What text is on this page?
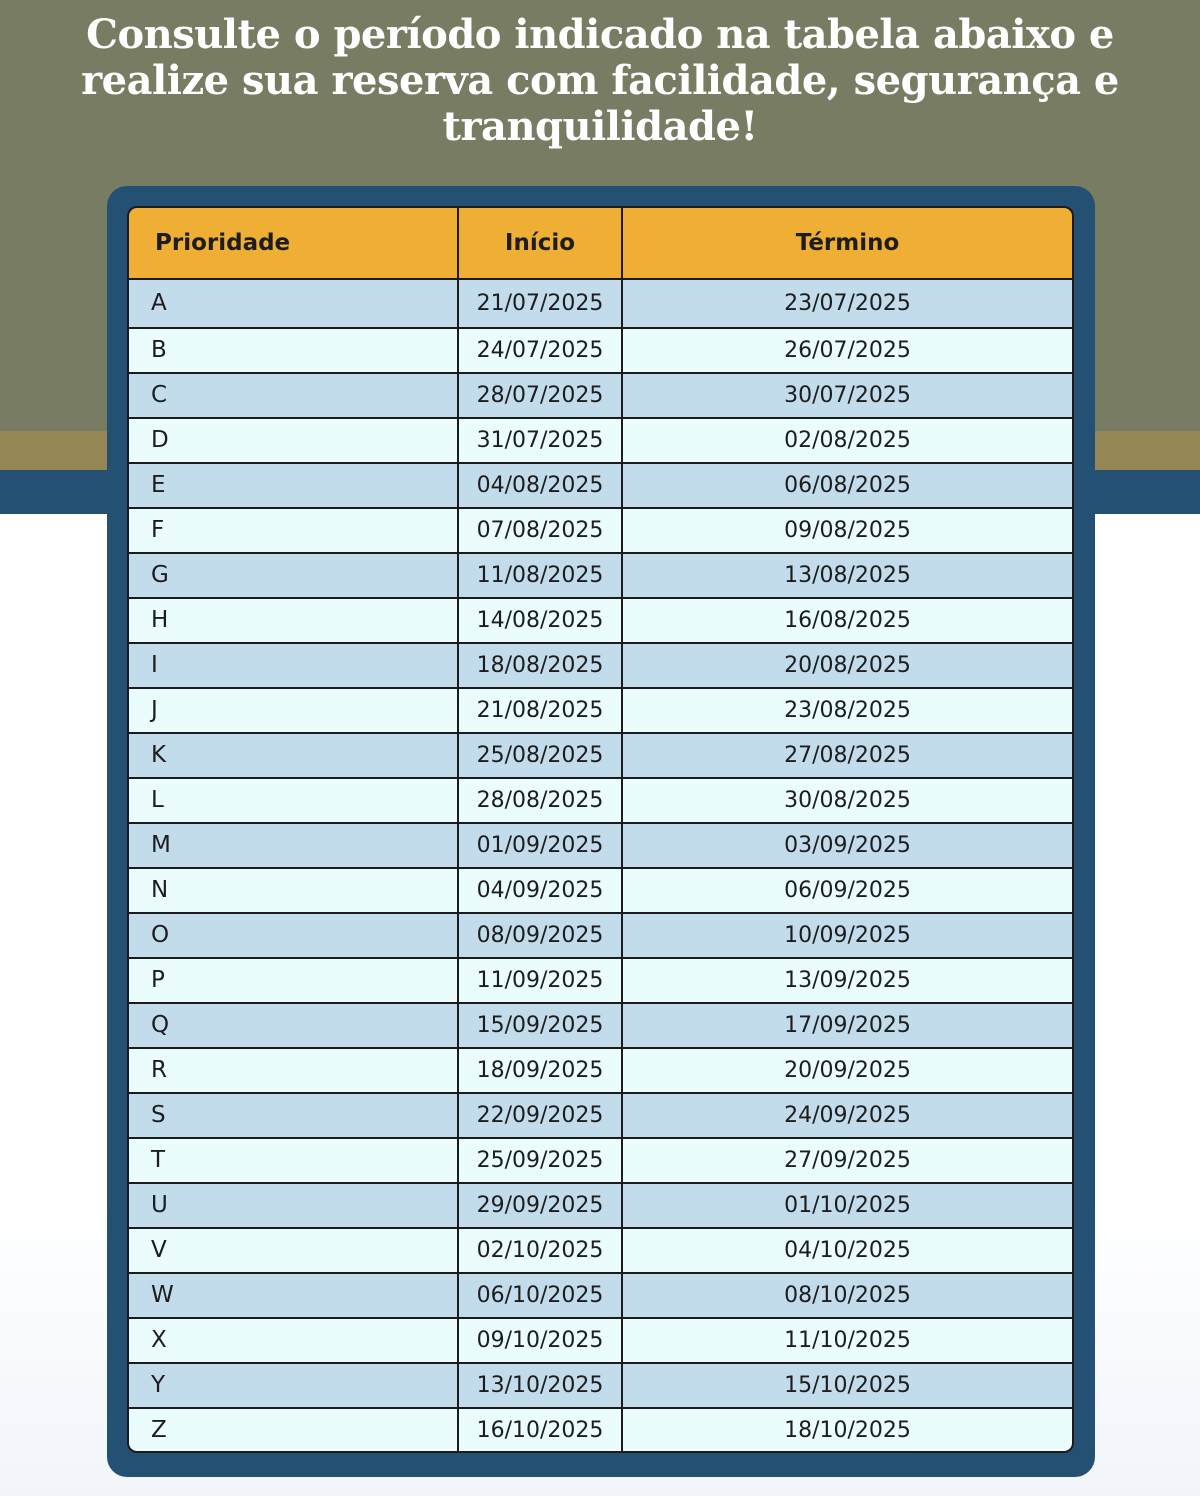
Consulte o período indicado na tabela abaixo e realize sua reserva com facilidade, segurança e tranquilidade!
Prioridade	Início	Término
A	21/07/2025	23/07/2025
B	24/07/2025	26/07/2025
C	28/07/2025	30/07/2025
D	31/07/2025	02/08/2025
E	04/08/2025	06/08/2025
F	07/08/2025	09/08/2025
G	11/08/2025	13/08/2025
H	14/08/2025	16/08/2025
I	18/08/2025	20/08/2025
J	21/08/2025	23/08/2025
K	25/08/2025	27/08/2025
L	28/08/2025	30/08/2025
M	01/09/2025	03/09/2025
N	04/09/2025	06/09/2025
O	08/09/2025	10/09/2025
P	11/09/2025	13/09/2025
Q	15/09/2025	17/09/2025
R	18/09/2025	20/09/2025
S	22/09/2025	24/09/2025
T	25/09/2025	27/09/2025
U	29/09/2025	01/10/2025
V	02/10/2025	04/10/2025
W	06/10/2025	08/10/2025
X	09/10/2025	11/10/2025
Y	13/10/2025	15/10/2025
Z	16/10/2025	18/10/2025
